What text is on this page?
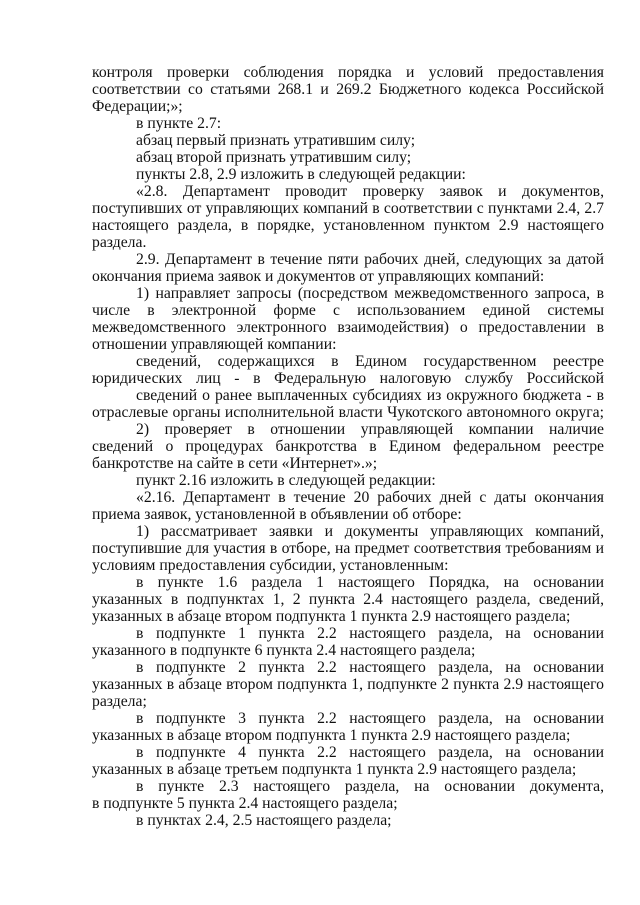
контроля проверки соблюдения порядка и условий предоставления
соответствии со статьями 268.1 и 269.2 Бюджетного кодекса Российской
Федерации;»;
в пункте 2.7:
абзац первый признать утратившим силу;
абзац второй признать утратившим силу;
пункты 2.8, 2.9 изложить в следующей редакции:
«2.8. Департамент проводит проверку заявок и документов,
поступивших от управляющих компаний в соответствии с пунктами 2.4, 2.7
настоящего раздела, в порядке, установленном пунктом 2.9 настоящего
раздела.
2.9. Департамент в течение пяти рабочих дней, следующих за датой
окончания приема заявок и документов от управляющих компаний:
1) направляет запросы (посредством межведомственного запроса, в
числе в электронной форме с использованием единой системы
межведомственного электронного взаимодействия) о предоставлении в
отношении управляющей компании:
сведений, содержащихся в Едином государственном реестре
юридических лиц - в Федеральную налоговую службу Российской
сведений о ранее выплаченных субсидиях из окружного бюджета - в
отраслевые органы исполнительной власти Чукотского автономного округа;
2) проверяет в отношении управляющей компании наличие
сведений о процедурах банкротства в Едином федеральном реестре
банкротстве на сайте в сети «Интернет».»;
пункт 2.16 изложить в следующей редакции:
«2.16. Департамент в течение 20 рабочих дней с даты окончания
приема заявок, установленной в объявлении об отборе:
1) рассматривает заявки и документы управляющих компаний,
поступившие для участия в отборе, на предмет соответствия требованиям и
условиям предоставления субсидии, установленным:
в пункте 1.6 раздела 1 настоящего Порядка, на основании
указанных в подпунктах 1, 2 пункта 2.4 настоящего раздела, сведений,
указанных в абзаце втором подпункта 1 пункта 2.9 настоящего раздела;
в подпункте 1 пункта 2.2 настоящего раздела, на основании
указанного в подпункте 6 пункта 2.4 настоящего раздела;
в подпункте 2 пункта 2.2 настоящего раздела, на основании
указанных в абзаце втором подпункта 1, подпункте 2 пункта 2.9 настоящего
раздела;
в подпункте 3 пункта 2.2 настоящего раздела, на основании
указанных в абзаце втором подпункта 1 пункта 2.9 настоящего раздела;
в подпункте 4 пункта 2.2 настоящего раздела, на основании
указанных в абзаце третьем подпункта 1 пункта 2.9 настоящего раздела;
в пункте 2.3 настоящего раздела, на основании документа,
в подпункте 5 пункта 2.4 настоящего раздела;
в пунктах 2.4, 2.5 настоящего раздела;
